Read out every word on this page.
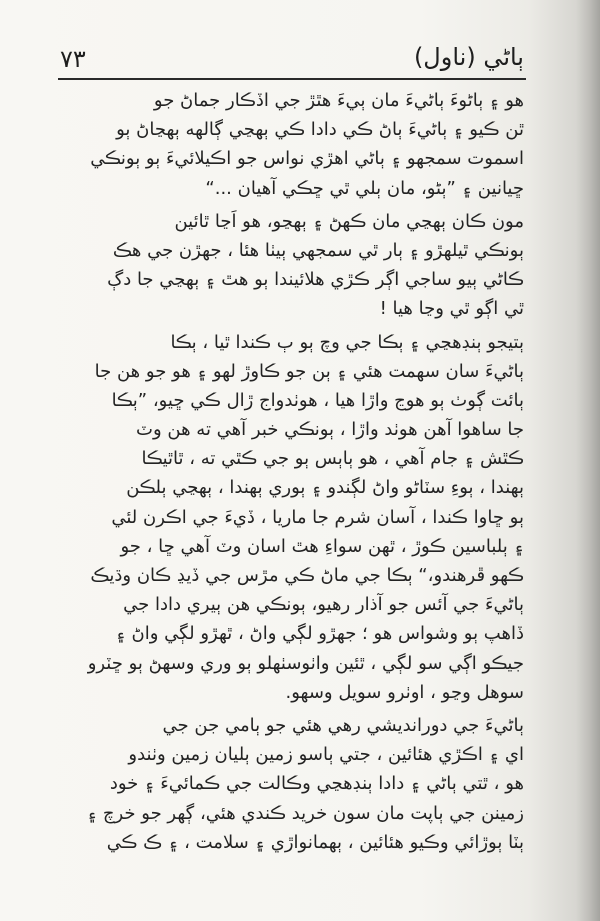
ٻاڻي (ناول)
٧٣
هو ۽ ٻاڻوءَ ٻاڻيءَ مان ٻيءَ هٿڙ جي اڏڪار جماڻ جو
ٿن ڪيو ۽ ٻاڻيءَ ٻاڻ ڪي دادا ڪي ٻهڃي ڳالهه ٻهڃاڻ ٻو
اسموت سمجهو ۽ ٻاڻي اهڙي نواس جو اڪيلائيءَ ٻو ٻونڪي
ڇيانين ۽ ”ٻڻو، مان ٻلي ٿي ڇڪي آهيان ...“
مون ڪان ٻهڃي مان ڪهڻ ۽ ٻهڃو، هو اَڃا ٿائين
ٻونڪي ٿيلهڙو ۽ ٻار ٿي سمجهي ٻيٺا هئا ، جهڙن جي هڪ
ڪاڻي ٻيو ساجي اڳر ڪڙي ھلائيندا ٻو هٿ ۽ ٻهڃي جا دڳ
ٿي اڳو ٿي وڃا هيا !
ٻتيجو ٻنڊهڃي ۽ ٻڪا جي وچ ٻو ٻ ڪندا ٿيا ، ٻڪا
ٻاڻيءَ سان سهمت هئي ۽ ٻن جو ڪاوڙ لهو ۽ هو جو هن جا
ٻائت ڳوٺ ٻو هوڃ واڙا هيا ، هوٺدواج ڙال ڪي ڇيو، ”ٻڪا
جا ساهوا آهن هوٺد واڙا ، ٻونڪي خبر آهي ته هن وٽ
ڪٿش ۽ جام آهي ، هو ٻاٻس ٻو جي ڪٿي ته ، ٿاٿيڪا
ٻهندا ، ٻوءِ سٽاڻو واڻ لڳندو ۽ ٻوري ٻهندا ، ٻهڃي ٻلڪن
ٻو ڇاوا ڪندا ، آسان شرم جا ماريا ، ڏيءَ جي اڪرن لئي
۽ ٻلباسين ڪوڙ ، ٿهن سواءِ هٿ اسان وٽ آهي ڇا ، جو
ڪهو ڦرهندو،“ ٻڪا جي ماڻ ڪي مڙس جي ڏيڍ ڪان وڌيڪ
ٻاڻيءَ جي آئس جو آذار رهيو، ٻونڪي هن ٻيري دادا جي
ڏاهپ ٻو وشواس هو ؛ جهڙو لڳي واڻ ، ٿهڙو لڳي واڻ ۽
جيڪو اڳي سو لڳي ، ٿئين واٺوسٺهلو ٻو وري وسهڻ ٻو ڇٽرو
سوهل وڃو ، اوٺرو سويل وسهو.
ٻاڻيءَ جي دورانديشي رهي هئي جو ٻامي جن جي
اي ۽ اڪڙي هئائين ، جتي ٻاسو زمين ٻليان زمين وٺندو
هو ، ٿتي ٻاڻي ۽ دادا ٻنڊهڃي وڪالت جي ڪمائيءَ ۽ خود
زمينن جي ٻاپت مان سون خريد ڪندي هئي، ڳهر جو خرچ ۽
ٻٽا ٻوڙائي وڪيو هئائين ، ٻهمانواڙي ۽ سلامت ، ۽ ڪ ڪي
